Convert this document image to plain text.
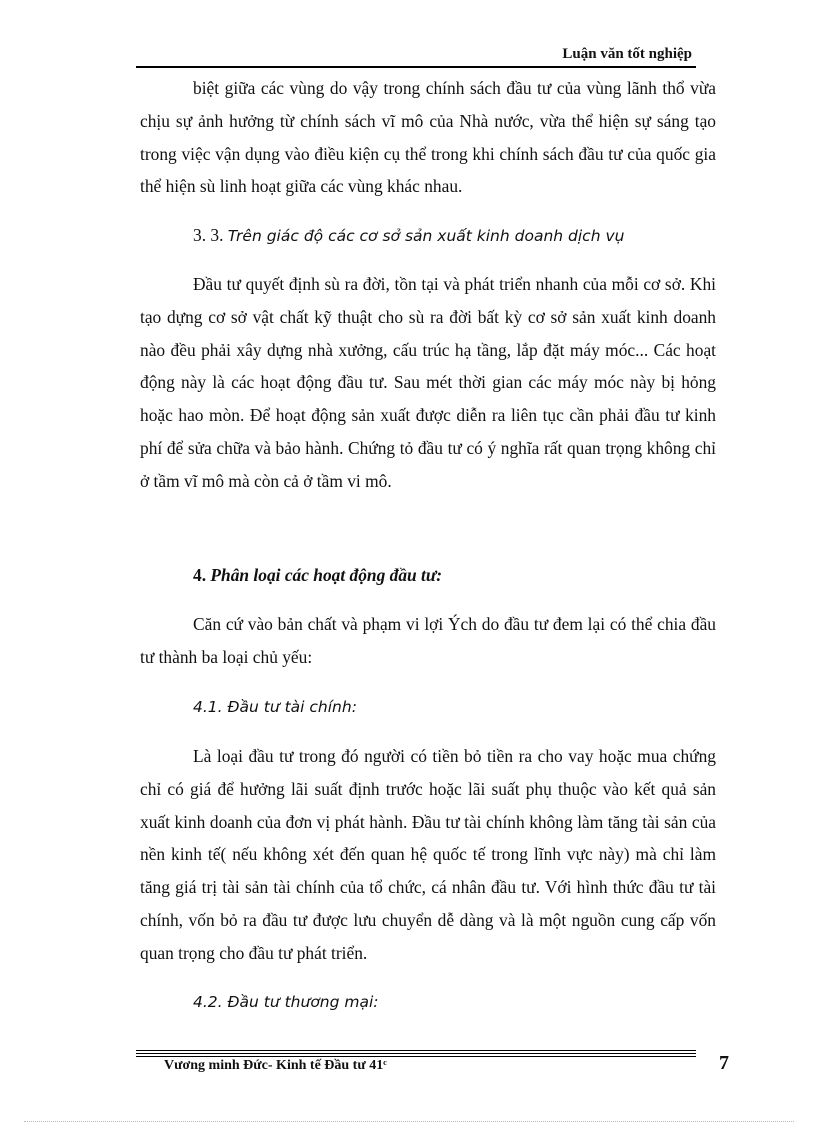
Luận văn tốt nghiệp

biệt giữa các vùng do vậy trong chính sách đầu tư của vùng lãnh thổ vừa chịu sự ảnh hưởng từ chính sách vĩ mô của Nhà nước, vừa thể hiện sự sáng tạo trong việc vận dụng vào điều kiện cụ thể trong khi chính sách đầu tư của quốc gia thể hiện sù linh hoạt giữa các vùng khác nhau.

3. 3. Trên giác độ các cơ sở sản xuất kinh doanh dịch vụ

Đầu tư quyết định sù ra đời, tồn tại và phát triển nhanh của mỗi cơ sở. Khi tạo dựng cơ sở vật chất kỹ thuật cho sù ra đời bất kỳ cơ sở sản xuất kinh doanh nào đều phải xây dựng nhà xưởng, cấu trúc hạ tầng, lắp đặt máy móc... Các hoạt động này là các hoạt động đầu tư. Sau mét thời gian các máy móc này bị hỏng hoặc hao mòn. Để hoạt động sản xuất được diễn ra liên tục cần phải đầu tư kinh phí để sửa chữa và bảo hành. Chứng tỏ đầu tư có ý nghĩa rất quan trọng không chỉ ở tầm vĩ mô mà còn cả ở tầm vi mô.

4. Phân loại các hoạt động đầu tư:

Căn cứ vào bản chất và phạm vi lợi Ých do đầu tư đem lại có thể chia đầu tư thành ba loại chủ yếu:

4.1. Đầu tư tài chính:

Là loại đầu tư trong đó người có tiền bỏ tiền ra cho vay hoặc mua chứng chỉ có giá để hưởng lãi suất định trước hoặc lãi suất phụ thuộc vào kết quả sản xuất kinh doanh của đơn vị phát hành. Đầu tư tài chính không làm tăng tài sản của nền kinh tế( nếu không xét đến quan hệ quốc tế trong lĩnh vực này) mà chỉ làm tăng giá trị tài sản tài chính của tổ chức, cá nhân đầu tư. Với hình thức đầu tư tài chính, vốn bỏ ra đầu tư được lưu chuyển dễ dàng và là một nguồn cung cấp vốn quan trọng cho đầu tư phát triển.

4.2. Đầu tư thương mại:

Vương minh Đức- Kinh tế Đầu tư 41ᶜ	7
